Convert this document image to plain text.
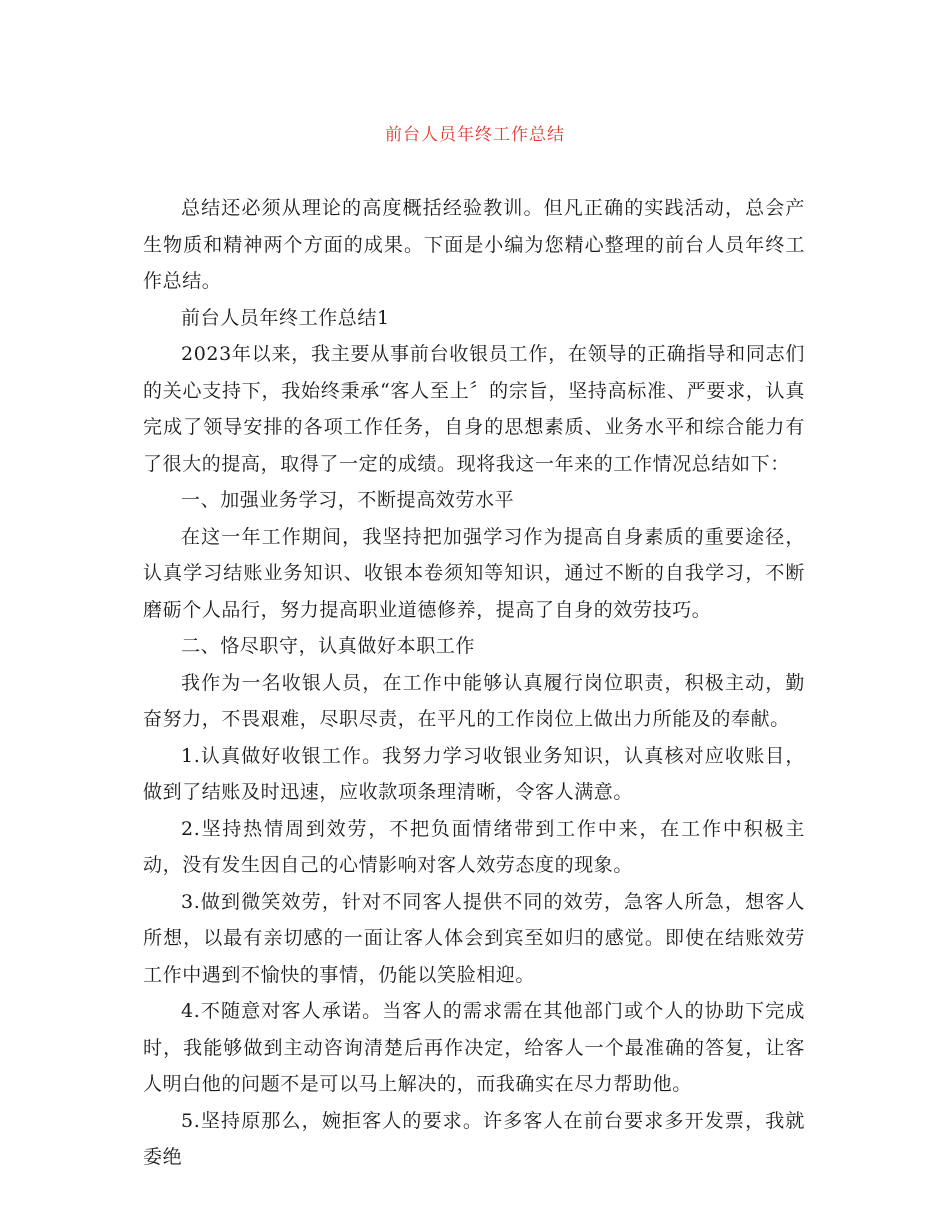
前台人员年终工作总结

总结还必须从理论的高度概括经验教训。但凡正确的实践活动，总会产生物质和精神两个方面的成果。下面是小编为您精心整理的前台人员年终工作总结。

前台人员年终工作总结1

2023年以来，我主要从事前台收银员工作，在领导的正确指导和同志们的关心支持下，我始终秉承“客人至上〞的宗旨，坚持高标准、严要求，认真完成了领导安排的各项工作任务，自身的思想素质、业务水平和综合能力有了很大的提高，取得了一定的成绩。现将我这一年来的工作情况总结如下：

一、加强业务学习，不断提高效劳水平

在这一年工作期间，我坚持把加强学习作为提高自身素质的重要途径，认真学习结账业务知识、收银本卷须知等知识，通过不断的自我学习，不断磨砺个人品行，努力提高职业道德修养，提高了自身的效劳技巧。

二、恪尽职守，认真做好本职工作

我作为一名收银人员，在工作中能够认真履行岗位职责，积极主动，勤奋努力，不畏艰难，尽职尽责，在平凡的工作岗位上做出力所能及的奉献。

1.认真做好收银工作。我努力学习收银业务知识，认真核对应收账目，做到了结账及时迅速，应收款项条理清晰，令客人满意。

2.坚持热情周到效劳，不把负面情绪带到工作中来，在工作中积极主动，没有发生因自己的心情影响对客人效劳态度的现象。

3.做到微笑效劳，针对不同客人提供不同的效劳，急客人所急，想客人所想，以最有亲切感的一面让客人体会到宾至如归的感觉。即使在结账效劳工作中遇到不愉快的事情，仍能以笑脸相迎。

4.不随意对客人承诺。当客人的需求需在其他部门或个人的协助下完成时，我能够做到主动咨询清楚后再作决定，给客人一个最准确的答复，让客人明白他的问题不是可以马上解决的，而我确实在尽力帮助他。

5.坚持原那么，婉拒客人的要求。许多客人在前台要求多开发票，我就委绝
